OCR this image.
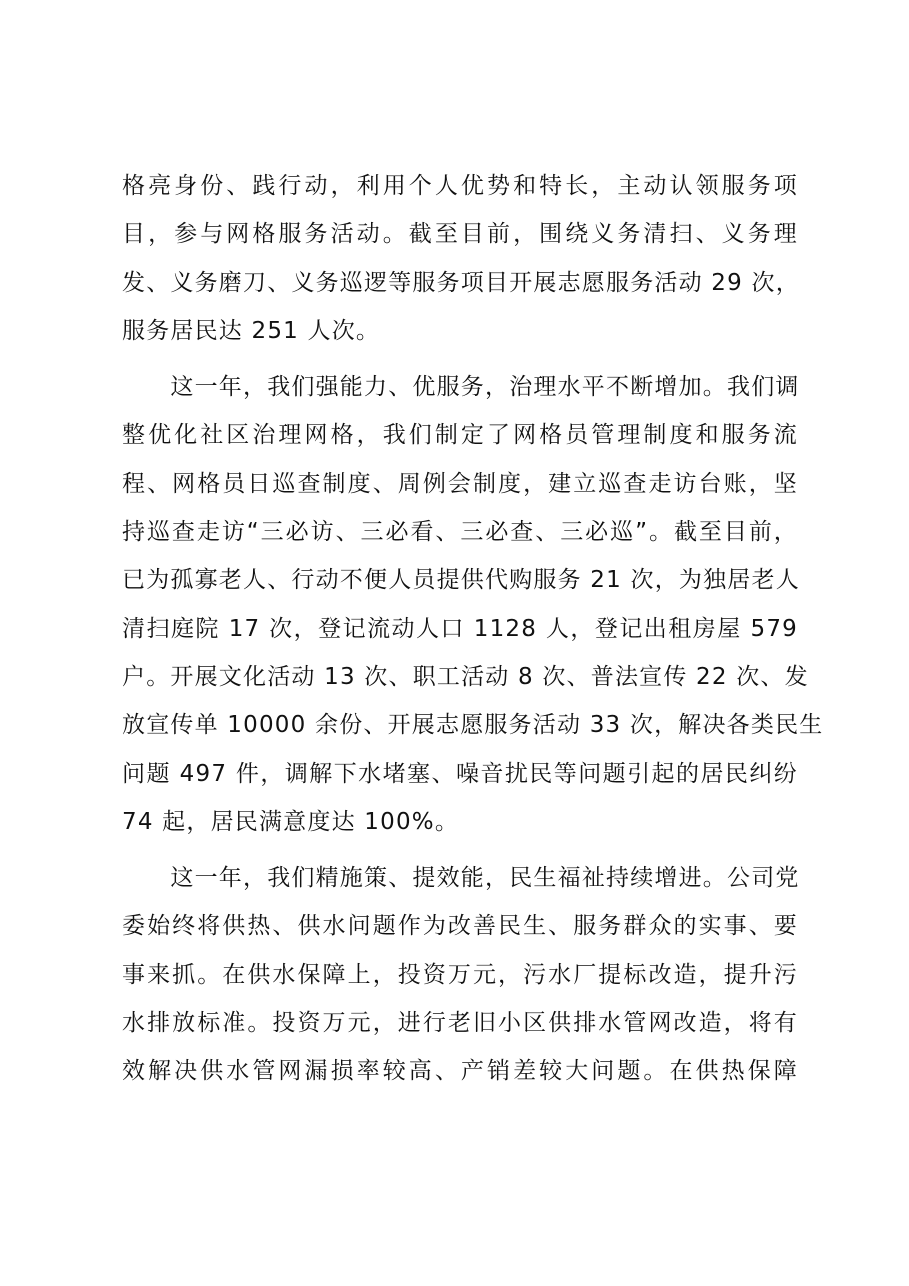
格亮身份、践行动，利用个人优势和特长，主动认领服务项
目，参与网格服务活动。截至目前，围绕义务清扫、义务理
发、义务磨刀、义务巡逻等服务项目开展志愿服务活动 29 次，
服务居民达 251 人次。
　　这一年，我们强能力、优服务，治理水平不断增加。我们调
整优化社区治理网格，我们制定了网格员管理制度和服务流
程、网格员日巡查制度、周例会制度，建立巡查走访台账，坚
持巡查走访“三必访、三必看、三必查、三必巡”。截至目前，
已为孤寡老人、行动不便人员提供代购服务 21 次，为独居老人
清扫庭院 17 次，登记流动人口 1128 人，登记出租房屋 579
户。开展文化活动 13 次、职工活动 8 次、普法宣传 22 次、发
放宣传单 10000 余份、开展志愿服务活动 33 次，解决各类民生
问题 497 件，调解下水堵塞、噪音扰民等问题引起的居民纠纷
74 起，居民满意度达 100%。
　　这一年，我们精施策、提效能，民生福祉持续增进。公司党
委始终将供热、供水问题作为改善民生、服务群众的实事、要
事来抓。在供水保障上，投资万元，污水厂提标改造，提升污
水排放标准。投资万元，进行老旧小区供排水管网改造，将有
效解决供水管网漏损率较高、产销差较大问题。在供热保障
